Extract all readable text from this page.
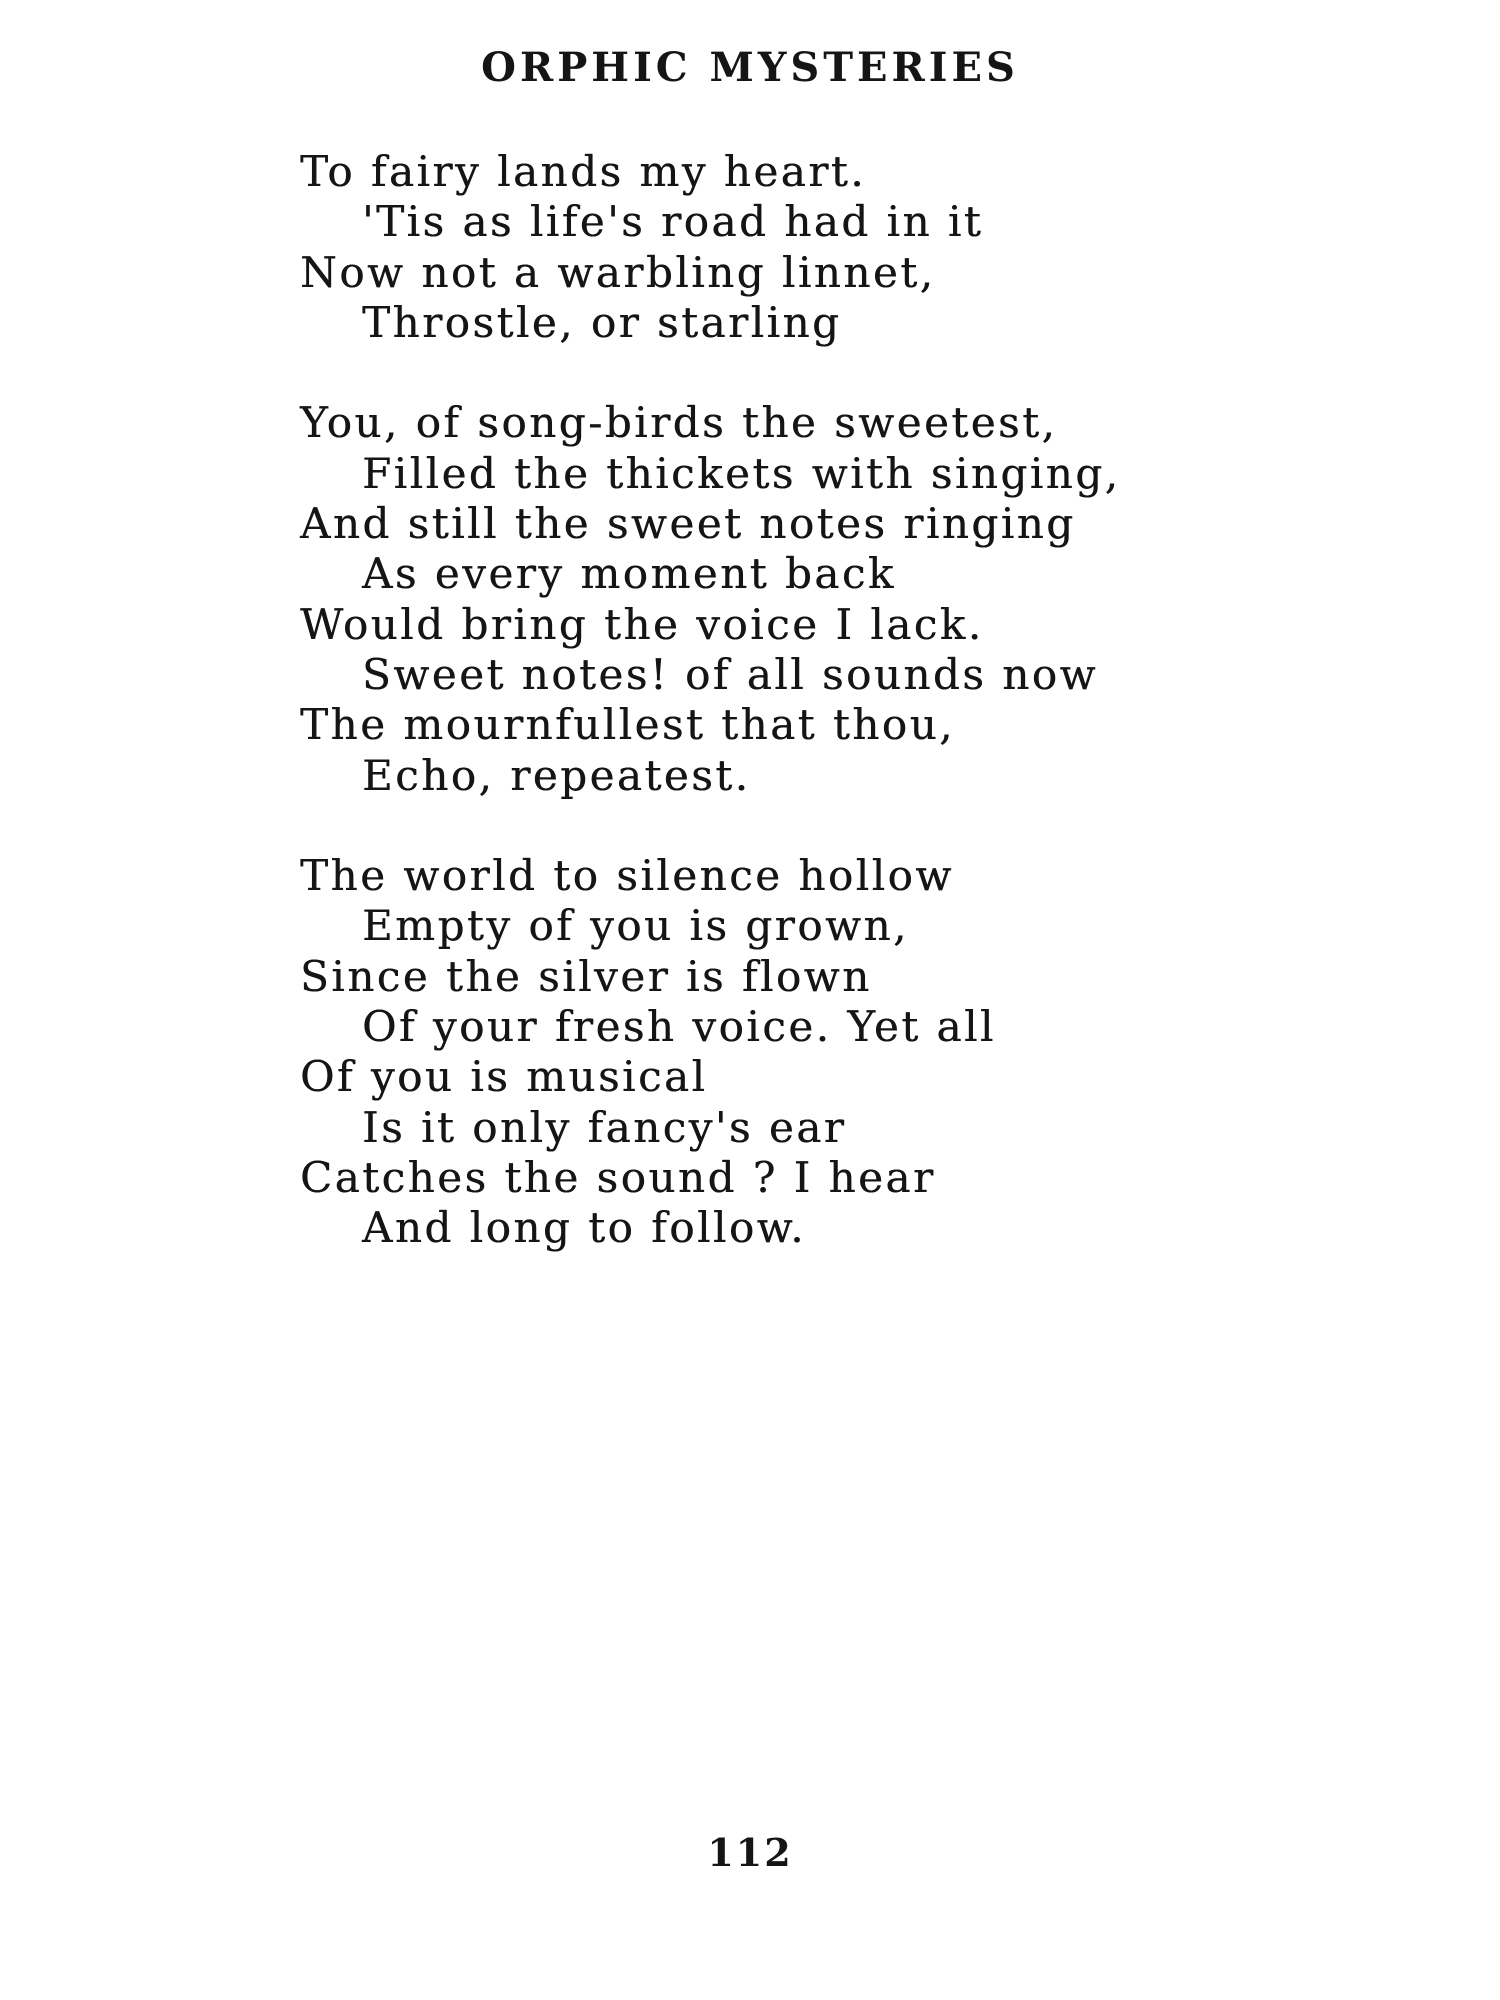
ORPHIC MYSTERIES
To fairy lands my heart.
'Tis as life's road had in it
Now not a warbling linnet,
Throstle, or starling
You, of song-birds the sweetest,
Filled the thickets with singing,
And still the sweet notes ringing
As every moment back
Would bring the voice I lack.
Sweet notes! of all sounds now
The mournfullest that thou,
Echo, repeatest.
The world to silence hollow
Empty of you is grown,
Since the silver is flown
Of your fresh voice. Yet all
Of you is musical
Is it only fancy's ear
Catches the sound ? I hear
And long to follow.
112
